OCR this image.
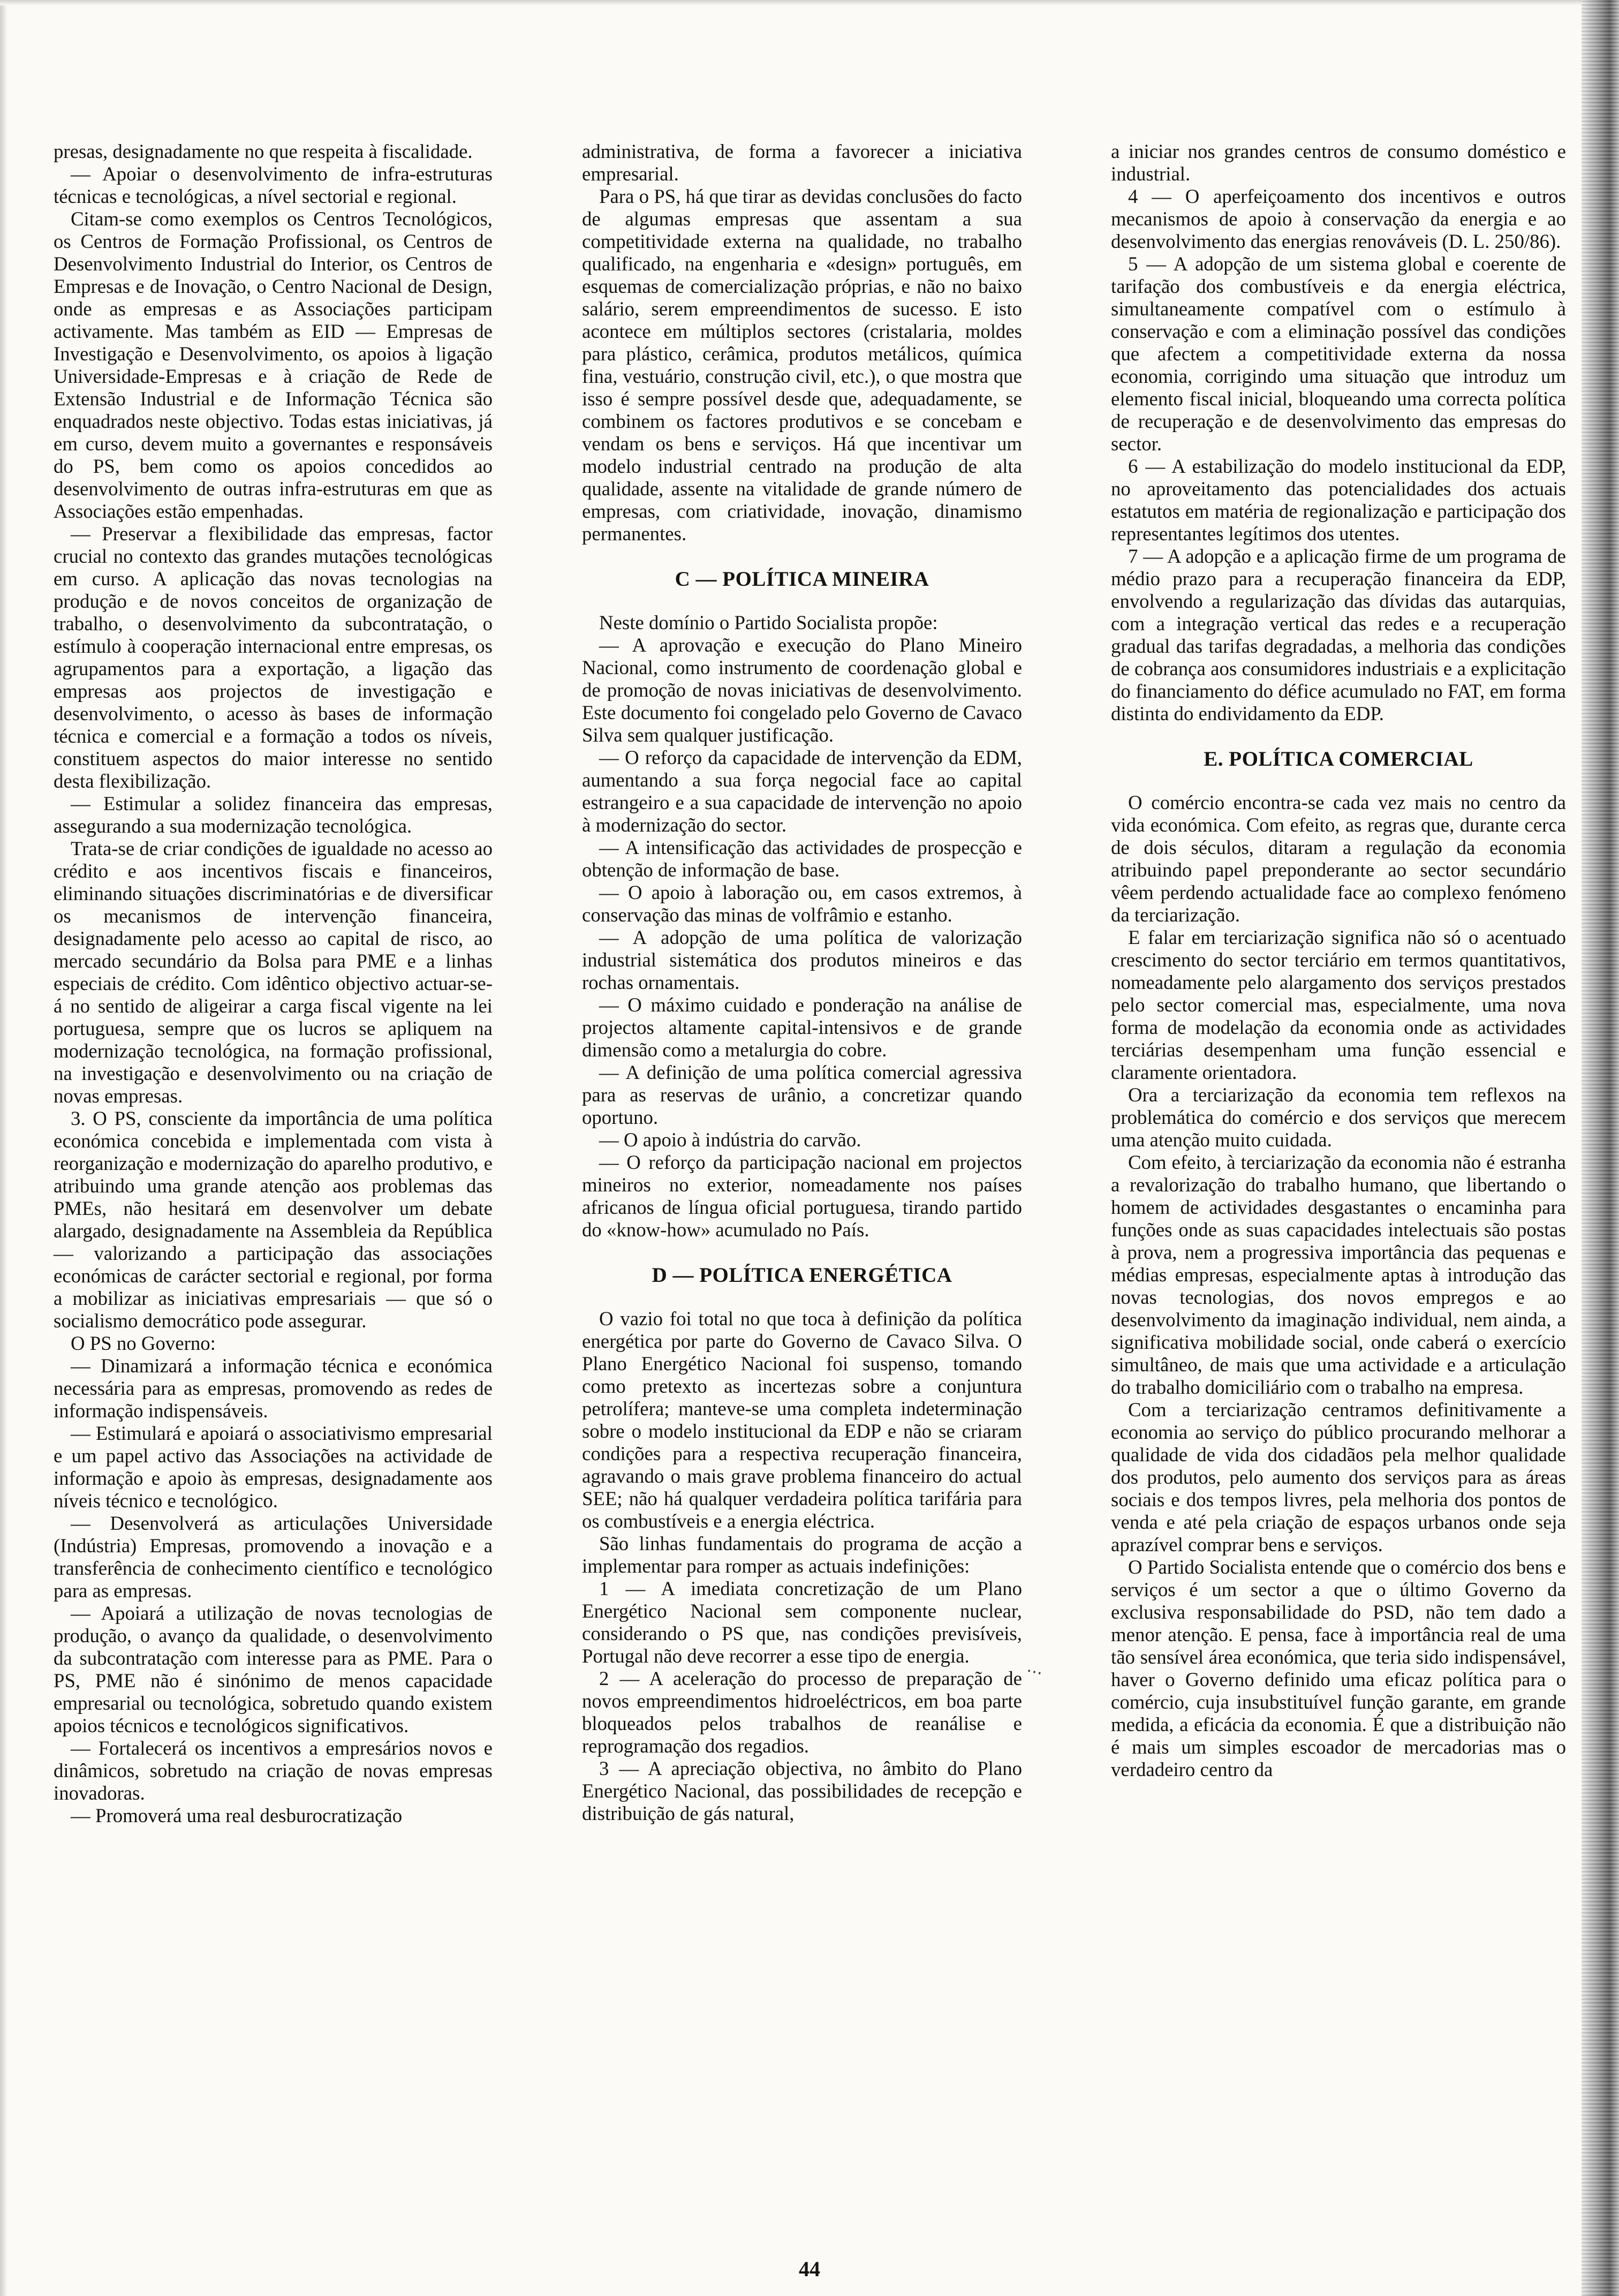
presas, designadamente no que respeita à fiscalidade.

— Apoiar o desenvolvimento de infra-estruturas técnicas e tecnológicas, a nível sectorial e regional.

Citam-se como exemplos os Centros Tecnológicos, os Centros de Formação Profissional, os Centros de Desenvolvimento Industrial do Interior, os Centros de Empresas e de Inovação, o Centro Nacional de Design, onde as empresas e as Associações participam activamente. Mas também as EID — Empresas de Investigação e Desenvolvimento, os apoios à ligação Universidade-Empresas e à criação de Rede de Extensão Industrial e de Informação Técnica são enquadrados neste objectivo. Todas estas iniciativas, já em curso, devem muito a governantes e responsáveis do PS, bem como os apoios concedidos ao desenvolvimento de outras infra-estruturas em que as Associações estão empenhadas.

— Preservar a flexibilidade das empresas, factor crucial no contexto das grandes mutações tecnológicas em curso. A aplicação das novas tecnologias na produção e de novos conceitos de organização de trabalho, o desenvolvimento da subcontratação, o estímulo à cooperação internacional entre empresas, os agrupamentos para a exportação, a ligação das empresas aos projectos de investigação e desenvolvimento, o acesso às bases de informação técnica e comercial e a formação a todos os níveis, constituem aspectos do maior interesse no sentido desta flexibilização.

— Estimular a solidez financeira das empresas, assegurando a sua modernização tecnológica.

Trata-se de criar condições de igualdade no acesso ao crédito e aos incentivos fiscais e financeiros, eliminando situações discriminatórias e de diversificar os mecanismos de intervenção financeira, designadamente pelo acesso ao capital de risco, ao mercado secundário da Bolsa para PME e a linhas especiais de crédito. Com idêntico objectivo actuar-se-á no sentido de aligeirar a carga fiscal vigente na lei portuguesa, sempre que os lucros se apliquem na modernização tecnológica, na formação profissional, na investigação e desenvolvimento ou na criação de novas empresas.

3. O PS, consciente da importância de uma política económica concebida e implementada com vista à reorganização e modernização do aparelho produtivo, e atribuindo uma grande atenção aos problemas das PMEs, não hesitará em desenvolver um debate alargado, designadamente na Assembleia da República — valorizando a participação das associações económicas de carácter sectorial e regional, por forma a mobilizar as iniciativas empresariais — que só o socialismo democrático pode assegurar.

O PS no Governo:

— Dinamizará a informação técnica e económica necessária para as empresas, promovendo as redes de informação indispensáveis.

— Estimulará e apoiará o associativismo empresarial e um papel activo das Associações na actividade de informação e apoio às empresas, designadamente aos níveis técnico e tecnológico.

— Desenvolverá as articulações Universidade (Indústria) Empresas, promovendo a inovação e a transferência de conhecimento científico e tecnológico para as empresas.

— Apoiará a utilização de novas tecnologias de produção, o avanço da qualidade, o desenvolvimento da subcontratação com interesse para as PME. Para o PS, PME não é sinónimo de menos capacidade empresarial ou tecnológica, sobretudo quando existem apoios técnicos e tecnológicos significativos.

— Fortalecerá os incentivos a empresários novos e dinâmicos, sobretudo na criação de novas empresas inovadoras.

— Promoverá uma real desburocratização

administrativa, de forma a favorecer a iniciativa empresarial.

Para o PS, há que tirar as devidas conclusões do facto de algumas empresas que assentam a sua competitividade externa na qualidade, no trabalho qualificado, na engenharia e «design» português, em esquemas de comercialização próprias, e não no baixo salário, serem empreendimentos de sucesso. E isto acontece em múltiplos sectores (cristalaria, moldes para plástico, cerâmica, produtos metálicos, química fina, vestuário, construção civil, etc.), o que mostra que isso é sempre possível desde que, adequadamente, se combinem os factores produtivos e se concebam e vendam os bens e serviços. Há que incentivar um modelo industrial centrado na produção de alta qualidade, assente na vitalidade de grande número de empresas, com criatividade, inovação, dinamismo permanentes.

C — POLÍTICA MINEIRA

Neste domínio o Partido Socialista propõe:

— A aprovação e execução do Plano Mineiro Nacional, como instrumento de coordenação global e de promoção de novas iniciativas de desenvolvimento. Este documento foi congelado pelo Governo de Cavaco Silva sem qualquer justificação.

— O reforço da capacidade de intervenção da EDM, aumentando a sua força negocial face ao capital estrangeiro e a sua capacidade de intervenção no apoio à modernização do sector.

— A intensificação das actividades de prospecção e obtenção de informação de base.

— O apoio à laboração ou, em casos extremos, à conservação das minas de volfrâmio e estanho.

— A adopção de uma política de valorização industrial sistemática dos produtos mineiros e das rochas ornamentais.

— O máximo cuidado e ponderação na análise de projectos altamente capital-intensivos e de grande dimensão como a metalurgia do cobre.

— A definição de uma política comercial agressiva para as reservas de urânio, a concretizar quando oportuno.

— O apoio à indústria do carvão.

— O reforço da participação nacional em projectos mineiros no exterior, nomeadamente nos países africanos de língua oficial portuguesa, tirando partido do «know-how» acumulado no País.

D — POLÍTICA ENERGÉTICA

O vazio foi total no que toca à definição da política energética por parte do Governo de Cavaco Silva. O Plano Energético Nacional foi suspenso, tomando como pretexto as incertezas sobre a conjuntura petrolífera; manteve-se uma completa indeterminação sobre o modelo institucional da EDP e não se criaram condições para a respectiva recuperação financeira, agravando o mais grave problema financeiro do actual SEE; não há qualquer verdadeira política tarifária para os combustíveis e a energia eléctrica.

São linhas fundamentais do programa de acção a implementar para romper as actuais indefinições:

1 — A imediata concretização de um Plano Energético Nacional sem componente nuclear, considerando o PS que, nas condições previsíveis, Portugal não deve recorrer a esse tipo de energia.

2 — A aceleração do processo de preparação de novos empreendimentos hidroeléctricos, em boa parte bloqueados pelos trabalhos de reanálise e reprogramação dos regadios.

3 — A apreciação objectiva, no âmbito do Plano Energético Nacional, das possibilidades de recepção e distribuição de gás natural,

a iniciar nos grandes centros de consumo doméstico e industrial.

4 — O aperfeiçoamento dos incentivos e outros mecanismos de apoio à conservação da energia e ao desenvolvimento das energias renováveis (D. L. 250/86).

5 — A adopção de um sistema global e coerente de tarifação dos combustíveis e da energia eléctrica, simultaneamente compatível com o estímulo à conservação e com a eliminação possível das condições que afectem a competitividade externa da nossa economia, corrigindo uma situação que introduz um elemento fiscal inicial, bloqueando uma correcta política de recuperação e de desenvolvimento das empresas do sector.

6 — A estabilização do modelo institucional da EDP, no aproveitamento das potencialidades dos actuais estatutos em matéria de regionalização e participação dos representantes legítimos dos utentes.

7 — A adopção e a aplicação firme de um programa de médio prazo para a recuperação financeira da EDP, envolvendo a regularização das dívidas das autarquias, com a integração vertical das redes e a recuperação gradual das tarifas degradadas, a melhoria das condições de cobrança aos consumidores industriais e a explicitação do financiamento do défice acumulado no FAT, em forma distinta do endividamento da EDP.

E. POLÍTICA COMERCIAL

O comércio encontra-se cada vez mais no centro da vida económica. Com efeito, as regras que, durante cerca de dois séculos, ditaram a regulação da economia atribuindo papel preponderante ao sector secundário vêem perdendo actualidade face ao complexo fenómeno da terciarização.

E falar em terciarização significa não só o acentuado crescimento do sector terciário em termos quantitativos, nomeadamente pelo alargamento dos serviços prestados pelo sector comercial mas, especialmente, uma nova forma de modelação da economia onde as actividades terciárias desempenham uma função essencial e claramente orientadora.

Ora a terciarização da economia tem reflexos na problemática do comércio e dos serviços que merecem uma atenção muito cuidada.

Com efeito, à terciarização da economia não é estranha a revalorização do trabalho humano, que libertando o homem de actividades desgastantes o encaminha para funções onde as suas capacidades intelectuais são postas à prova, nem a progressiva importância das pequenas e médias empresas, especialmente aptas à introdução das novas tecnologias, dos novos empregos e ao desenvolvimento da imaginação individual, nem ainda, a significativa mobilidade social, onde caberá o exercício simultâneo, de mais que uma actividade e a articulação do trabalho domiciliário com o trabalho na empresa.

Com a terciarização centramos definitivamente a economia ao serviço do público procurando melhorar a qualidade de vida dos cidadãos pela melhor qualidade dos produtos, pelo aumento dos serviços para as áreas sociais e dos tempos livres, pela melhoria dos pontos de venda e até pela criação de espaços urbanos onde seja aprazível comprar bens e serviços.

O Partido Socialista entende que o comércio dos bens e serviços é um sector a que o último Governo da exclusiva responsabilidade do PSD, não tem dado a menor atenção. E pensa, face à importância real de uma tão sensível área económica, que teria sido indispensável, haver o Governo definido uma eficaz política para o comércio, cuja insubstituível função garante, em grande medida, a eficácia da economia. É que a distribuição não é mais um simples escoador de mercadorias mas o verdadeiro centro da

⋯
44
